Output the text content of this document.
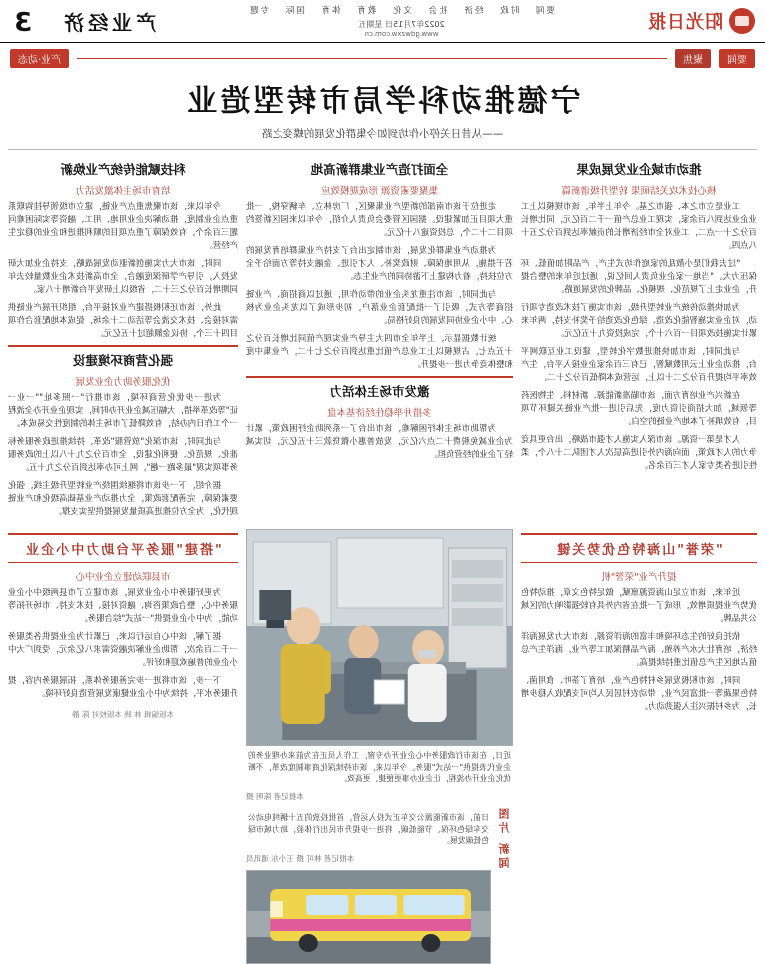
阳光日报
要闻 时政 经济 社会 文化 教育 体育 国际 专题
2022年7月15日 星期五
www.gdwzxw.com.cn
产业经济
3
要闻
聚焦
产业·动态
宁德推动科学局市转型造业
——从昔日关停小作坊到如今集群化发展的蝶变之路
推动市域企业发展成果
核心技术攻关结硕果 转型升级谱新篇

工业是立市之本、强市之基。今年上半年，该市规模以上工业企业达到八百余家，实现工业总产值一千二百亿元，同比增长百分之十一点二，工业对全市经济增长的贡献率达到百分之五十八点四。

"过去我们是小散乱的家庭作坊式生产，产品附加值低、环保压力大。"当地一家企业负责人回忆说，通过近年来的整合提升，企业走上了规范化、规模化、品牌化的发展道路。

为加快推动传统产业转型升级，该市实施了技术改造专项行动，对企业实施智能化改造、绿色化改造给予奖补支持，两年来累计实施技改项目一百六十个，完成投资九十五亿元。

与此同时，该市加快推进数字化转型，建设工业互联网平台，推动企业上云用数赋智，已有三百余家企业接入平台，生产效率平均提升百分之二十以上，运营成本降低百分之十二。

在新兴产业培育方面，该市瞄准新能源、新材料、生物医药等领域，加大招商引资力度，先后引进一批产业链关键环节项目，有效填补了本地产业链的空白。

人才是第一资源。该市深入实施人才强市战略，出台更具竞争力的人才政策，面向海内外引进高层次人才团队二十八个，柔性引进各类专家人才三百余名。

全面打造产业集群新高地
集聚要素资源 形成规模效应

走进位于该市南部的新型产业集聚区，厂房林立、车辆穿梭，一批重大项目正加紧建设。据园区管委会负责人介绍，今年以来园区新签约项目二十二个，总投资逾八十亿元。

为推动产业集群化发展，该市制定出台了支持产业集群培育发展的若干措施，从用地保障、财政奖补、人才引进、金融支持等方面给予全方位扶持，着力构建上下游协同的产业生态。

与此同时，该市注重龙头企业的带动作用，通过以商招商、产业链招商等方式，吸引了一批配套企业落户，初步形成了以龙头企业为核心、中小企业协同发展的良好格局。

统计数据显示，上半年全市四大主导产业实现产值同比增长百分之十五点七，占规模以上工业总产值比重达到百分之七十二，产业集中度和整体竞争力进一步提升。

激发市场主体活力
多措并举稳住经济基本盘

为帮助市场主体纾困解难，该市出台了一系列助企纾困政策，累计为企业减免税费十二点六亿元，发放普惠小微贷款三十五亿元，切实减轻了企业的经营负担。

科技赋能传统产业焕新
培育市场主体激发活力

今年以来，该市聚焦重点产业链，建立市级领导挂钩联系重点企业制度，推动解决企业用地、用工、融资等实际困难问题三百余个，有效保障了重点项目的顺利推进和企业的稳定生产经营。

同时，该市大力实施创新驱动发展战略，支持企业加大研发投入，引导产学研深度融合，全市高新技术企业数量较去年同期增长百分之三十二，省级以上研发平台新增十八家。

此外，该市还积极搭建产业对接平台，组织开展产业链供需对接会、技术交流会等活动二十余场，促成本地配套合作项目四十三个，协议金额超过十五亿元。

强化营商环境建设
优化服务助力企业发展

为进一步优化营商环境，该市推行"一照多址""一业一证"等改革举措，大幅压减企业开办时间，实现企业开办全流程一个工作日内办结，有效降低了市场主体的制度性交易成本。

与此同时，该市深化"放管服"改革，持续推进政务服务标准化、规范化、便利化建设，全市百分之九十八以上的政务服务事项实现"最多跑一趟"，网上可办率达到百分之九十五。

据介绍，下一步该市将继续围绕产业转型升级主线，强化要素保障，完善配套政策，全力推动产业基础高级化和产业链现代化，为全方位推进高质量发展提供坚实支撑。

"荣誉"山海特色优势关键
提升产业"荣誉"机

近年来，该市立足山海资源禀赋，做足特色文章，推动特色优势产业提质增效，形成了一批在省内外具有较强影响力的区域公共品牌。

依托良好的生态环境和丰富的海洋资源，该市大力发展海洋经济，培育壮大水产养殖、海产品精深加工等产业，海洋生产总值占地区生产总值比重持续提高。

同时，该市积极发展乡村特色产业，培育了茶叶、食用菌、特色果蔬等一批富民产业，带动农村居民人均可支配收入稳步增长，为乡村振兴注入强劲动力。

近日，在该市行政服务中心企业开办专窗，工作人员正在为前来办理业务的企业代表提供"一站式"服务。今年以来，该市持续深化商事制度改革，不断优化企业开办流程，让企业办事更便捷、更高效。
本报记者 陈明 摄
图片 新闻
日前，该市新能源公交车正式投入运营，首批投放的五十辆纯电动公交车绿色环保、节能低碳，将进一步提升市民出行体验，助力城市绿色低碳发展。
本报记者 林可 摄 王小东 通讯员
"搭建"服务平台助力中小企业
市县联动建立企业中心

为更好服务中小企业发展，该市建立了市县两级中小企业服务中心，整合政策咨询、融资对接、技术支持、市场开拓等功能，为中小企业提供"一站式"综合服务。

据了解，该中心自运行以来，已累计为企业提供各类服务一千二百余次，帮助企业解决融资需求八亿余元，受到广大中小企业的普遍欢迎和好评。

下一步，该市将进一步完善服务体系，拓展服务内容，提升服务水平，持续为中小企业健康发展营造良好环境。

本版编辑 林 晓 本版校对 陈 静
